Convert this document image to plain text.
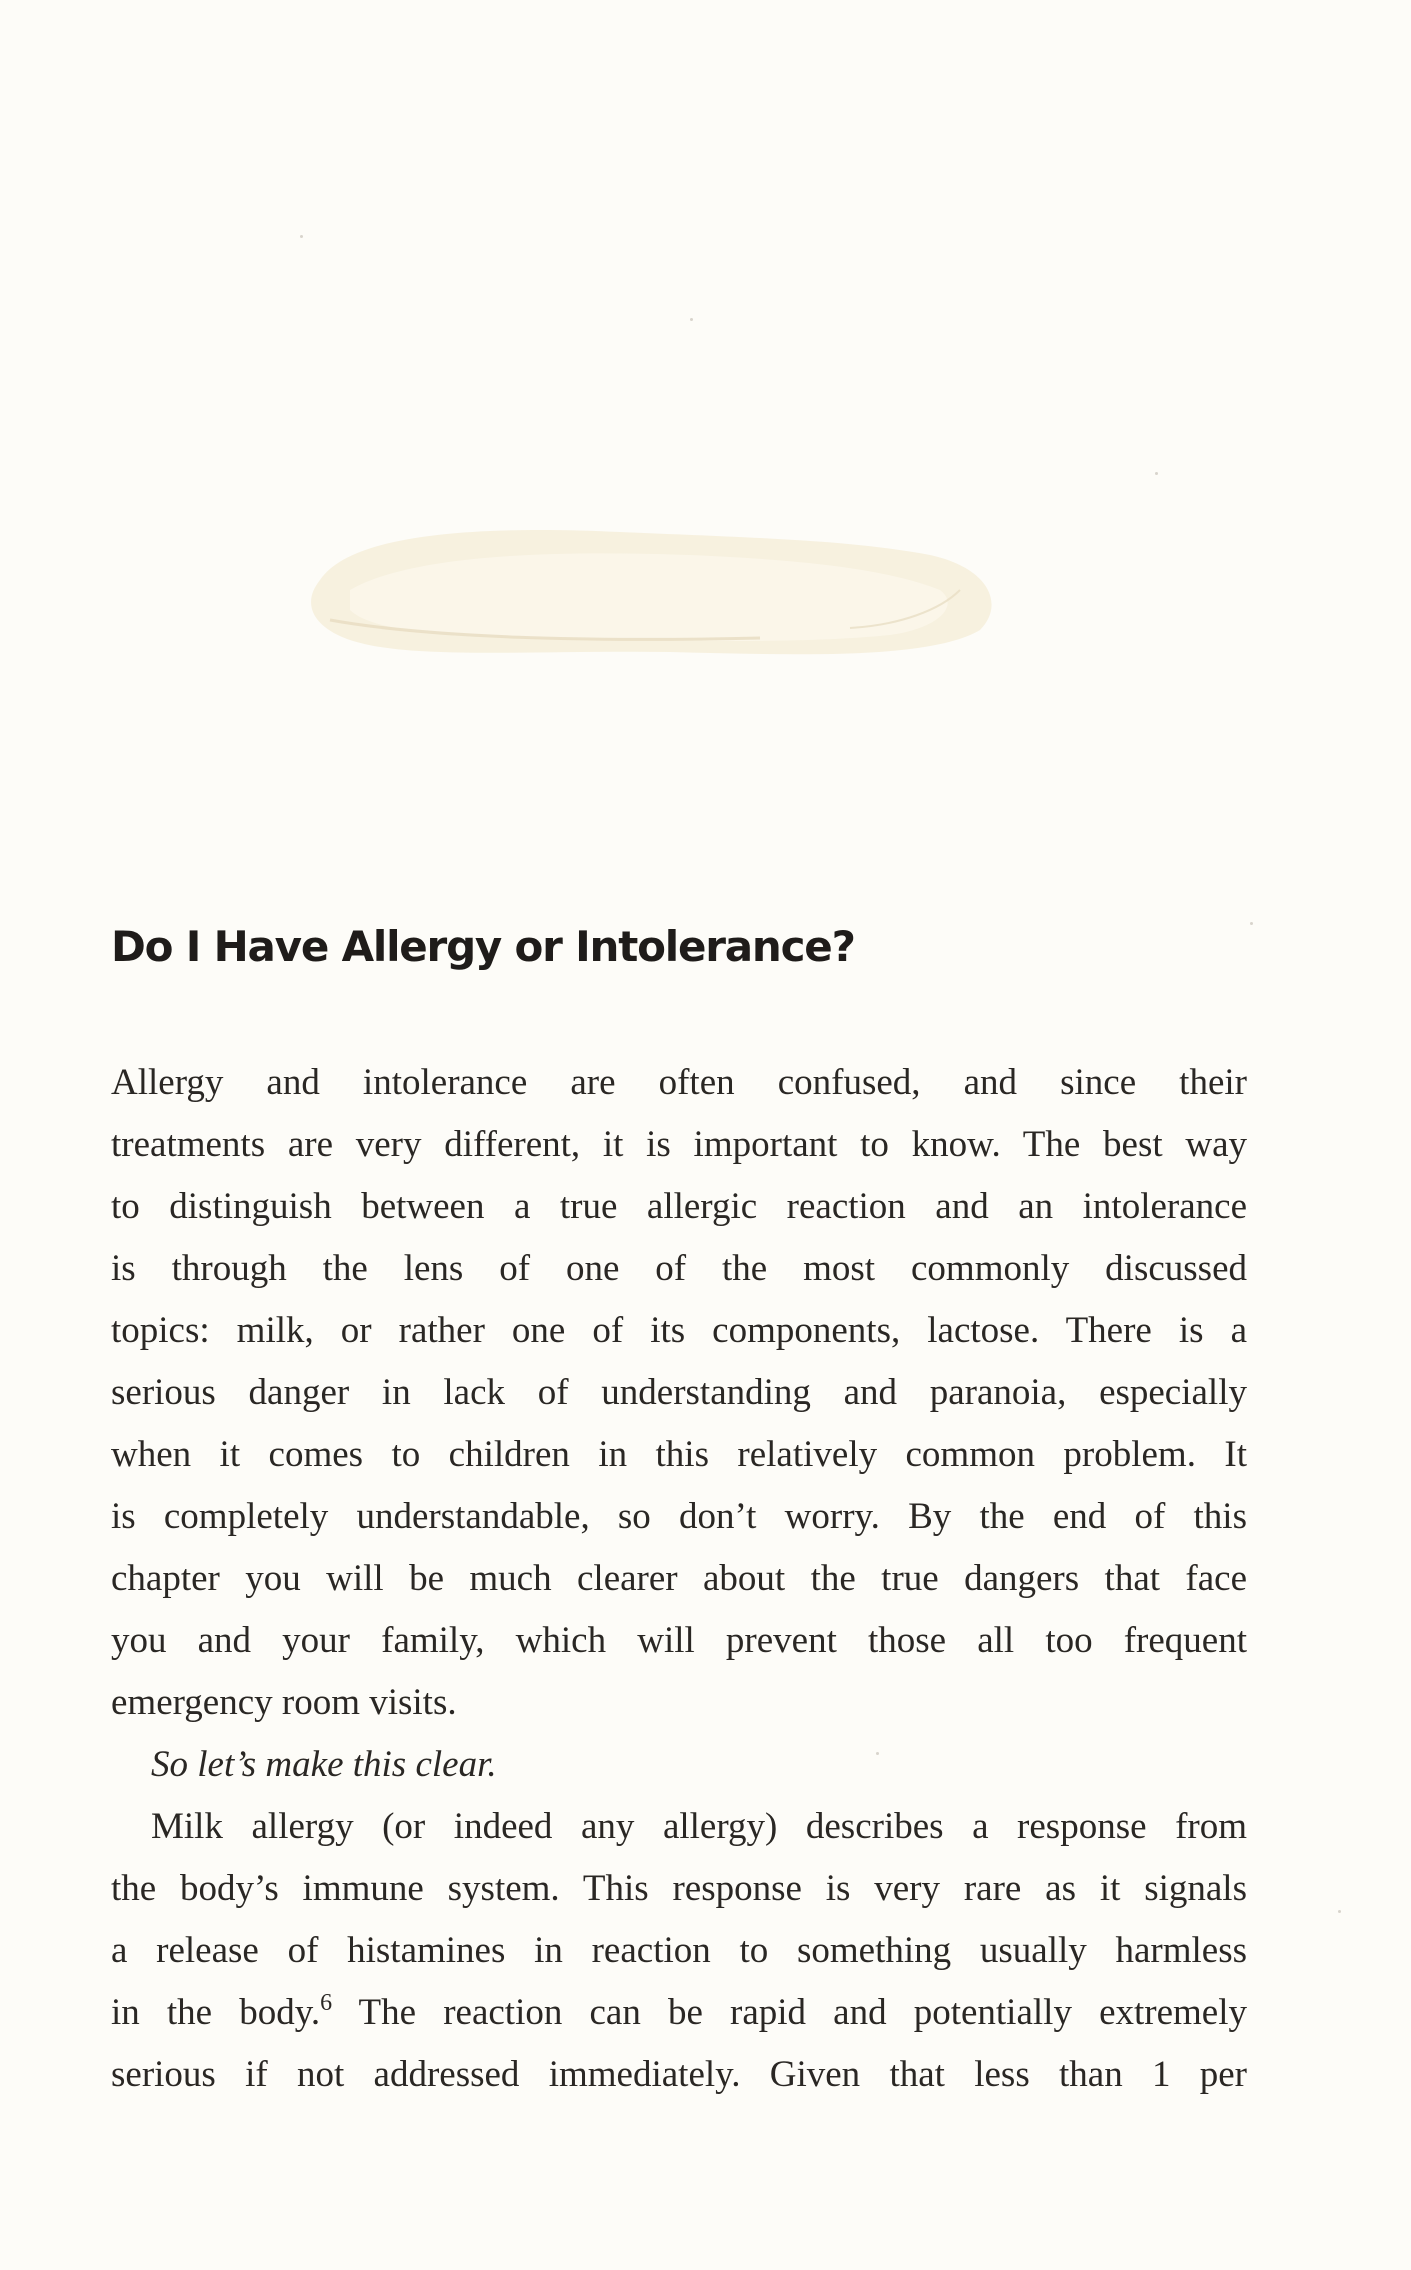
Do I Have Allergy or Intolerance?
Allergy and intolerance are often confused, and since their
treatments are very different, it is important to know. The best way
to distinguish between a true allergic reaction and an intolerance
is through the lens of one of the most commonly discussed
topics: milk, or rather one of its components, lactose. There is a
serious danger in lack of understanding and paranoia, especially
when it comes to children in this relatively common problem. It
is completely understandable, so don’t worry. By the end of this
chapter you will be much clearer about the true dangers that face
you and your family, which will prevent those all too frequent
emergency room visits.
So let’s make this clear.
Milk allergy (or indeed any allergy) describes a response from
the body’s immune system. This response is very rare as it signals
a release of histamines in reaction to something usually harmless
in the body.$^6$ The reaction can be rapid and potentially extremely
serious if not addressed immediately. Given that less than 1 per
